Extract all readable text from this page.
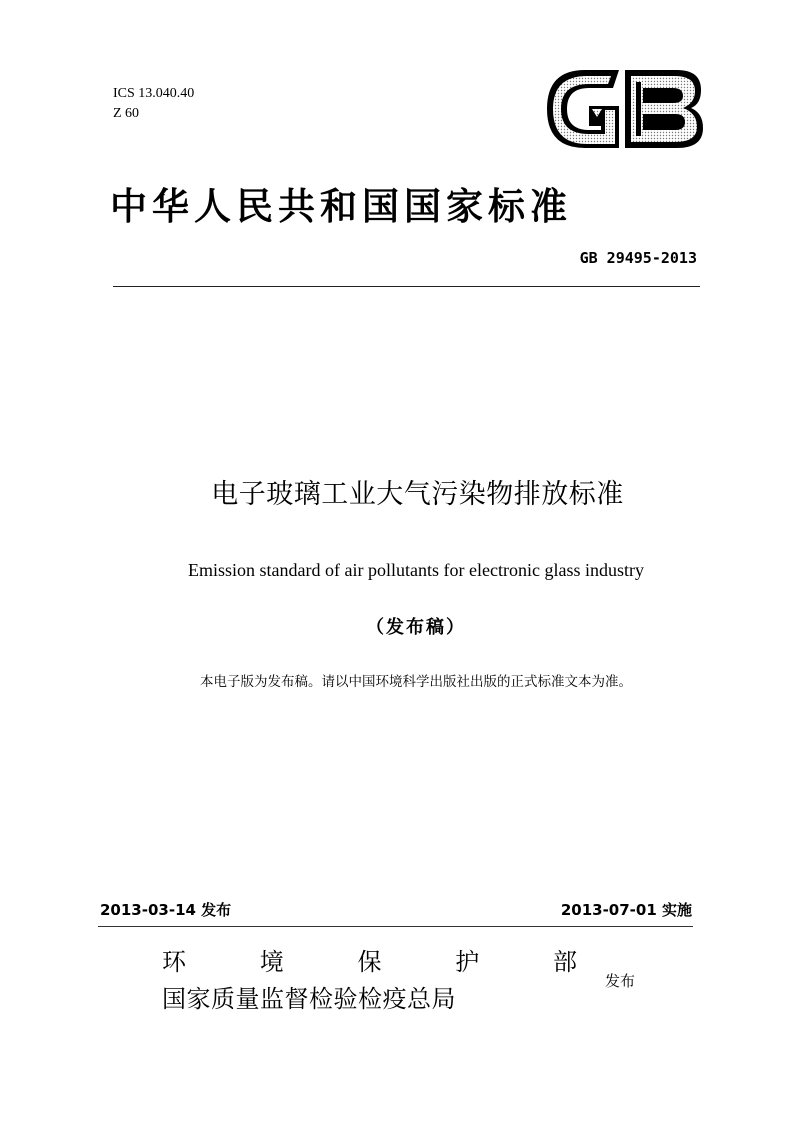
ICS 13.040.40
Z 60
中华人民共和国国家标准
GB 29495-2013
电子玻璃工业大气污染物排放标准
Emission standard of air pollutants for electronic glass industry
（发布稿）
本电子版为发布稿。请以中国环境科学出版社出版的正式标准文本为准。
2013-03-14 发布	2013-07-01 实施
环	境	保	护	部
国家质量监督检验检疫总局
发布
